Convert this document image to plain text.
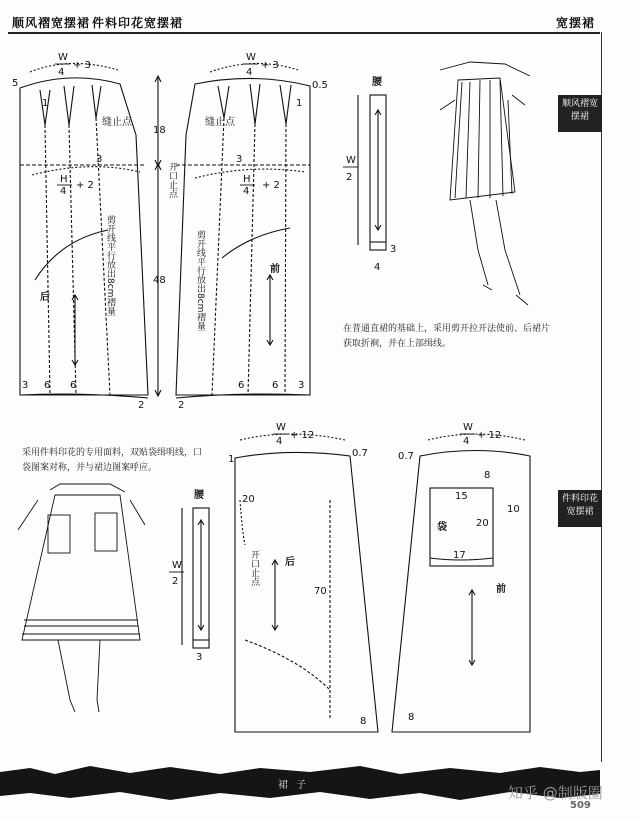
顺风褶宽摆裙 件料印花宽摆裙	宽摆裙
顺风褶宽摆裙
件料印花宽摆裙
在普通直裙的基础上，采用剪开拉开法使前、后裙片获取折裥，并在上部缉线。
采用件料印花的专用面料，双贴袋缉明线，口袋图案对称，并与裙边图案呼应。
W
4
+ 3
5
1
缝止点
3
H
4
+ 2
剪开线平行放出8cm褶量
后
3 6 6
2
W
4
+ 3
0.5
1
缝止点
3
H
4
+ 2
18
48
开口止点
剪开线平行放出8cm褶量	前
6	6 3
2
腰
W
2
4
3
W
4
+ 12
0.7
1
20
开口止点	后
70
8
W
4
+ 12
0.7
8
15
20
袋
17
10
前
8
腰
W
2
3
裙子	知乎 @制版圈
509
